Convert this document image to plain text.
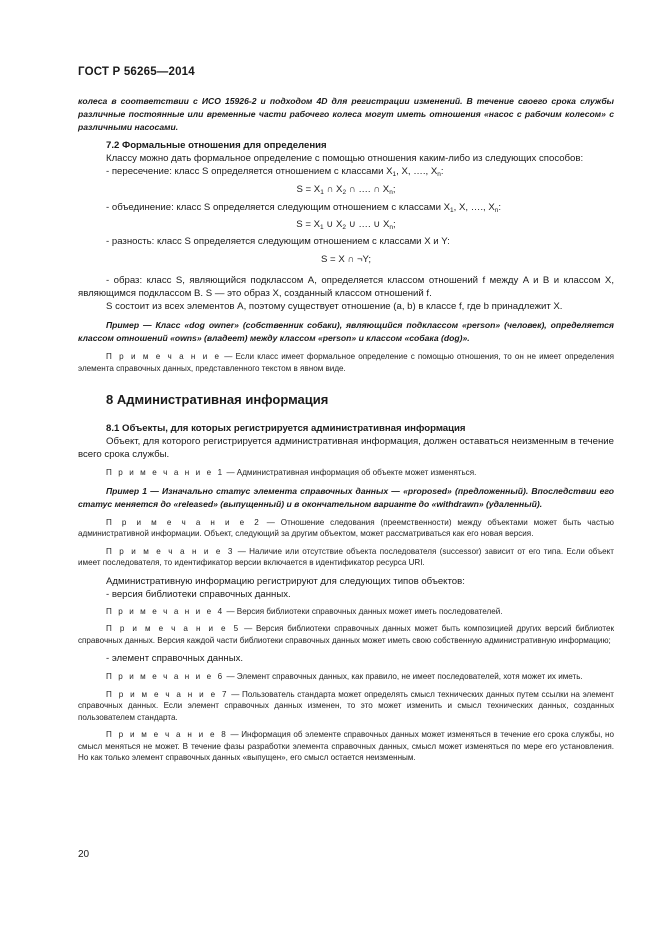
ГОСТ Р 56265—2014

колеса в соответствии с ИСО 15926-2 и подходом 4D для регистрации изменений. В течение своего срока службы различные постоянные или временные части рабочего колеса могут иметь отношения «насос с рабочим колесом» с различными насосами.

7.2 Формальные отношения для определения

Классу можно дать формальное определение с помощью отношения каким-либо из следующих способов:

- пересечение: класс S определяется отношением с классами $X_1$, X, …., $X_n$:

$S = X_1$ ∩ $X_2$ ∩ …. ∩ $X_n$;

- объединение: класс S определяется следующим отношением с классами $X_1$, X, …., $X_n$:

$S = X_1$ ∪ $X_2$ ∪ …. ∪ $X_n$;

- разность: класс S определяется следующим отношением с классами X и Y:

S = X ∩ ¬Y;

- образ: класс S, являющийся подклассом A, определяется классом отношений f между A и B и классом X, являющимся подклассом B. S — это образ X, созданный классом отношений f.

S состоит из всех элементов A, поэтому существует отношение (a, b) в классе f, где b принадлежит X.

Пример — Класс «dog owner» (собственник собаки), являющийся подклассом «person» (человек), определяется классом отношений «owns» (владеет) между классом «person» и классом «собака (dog)».

П р и м е ч а н и е — Если класс имеет формальное определение с помощью отношения, то он не имеет определения элемента справочных данных, представленного текстом в явном виде.

8 Административная информация

8.1 Объекты, для которых регистрируется административная информация

Объект, для которого регистрируется административная информация, должен оставаться неизменным в течение всего срока службы.

П р и м е ч а н и е 1 — Административная информация об объекте может изменяться.

Пример 1 — Изначально статус элемента справочных данных — «proposed» (предложенный). Впоследствии его статус меняется до «released» (выпущенный) и в окончательном варианте до «withdrawn» (удаленный).

П р и м е ч а н и е 2 — Отношение следования (преемственности) между объектами может быть частью административной информации. Объект, следующий за другим объектом, может рассматриваться как его новая версия.

П р и м е ч а н и е 3 — Наличие или отсутствие объекта последователя (successor) зависит от его типа. Если объект имеет последователя, то идентификатор версии включается в идентификатор ресурса URI.

Административную информацию регистрируют для следующих типов объектов:

- версия библиотеки справочных данных.

П р и м е ч а н и е 4 — Версия библиотеки справочных данных может иметь последователей.

П р и м е ч а н и е 5 — Версия библиотеки справочных данных может быть композицией других версий библиотек справочных данных. Версия каждой части библиотеки справочных данных может иметь свою собственную административную информацию;

- элемент справочных данных.

П р и м е ч а н и е 6 — Элемент справочных данных, как правило, не имеет последователей, хотя может их иметь.

П р и м е ч а н и е 7 — Пользователь стандарта может определять смысл технических данных путем ссылки на элемент справочных данных. Если элемент справочных данных изменен, то это может изменить и смысл технических данных, созданных пользователем стандарта.

П р и м е ч а н и е 8 — Информация об элементе справочных данных может изменяться в течение его срока службы, но смысл меняться не может. В течение фазы разработки элемента справочных данных, смысл может изменяться по мере его установления. Но как только элемент справочных данных «выпущен», его смысл остается неизменным.

20
